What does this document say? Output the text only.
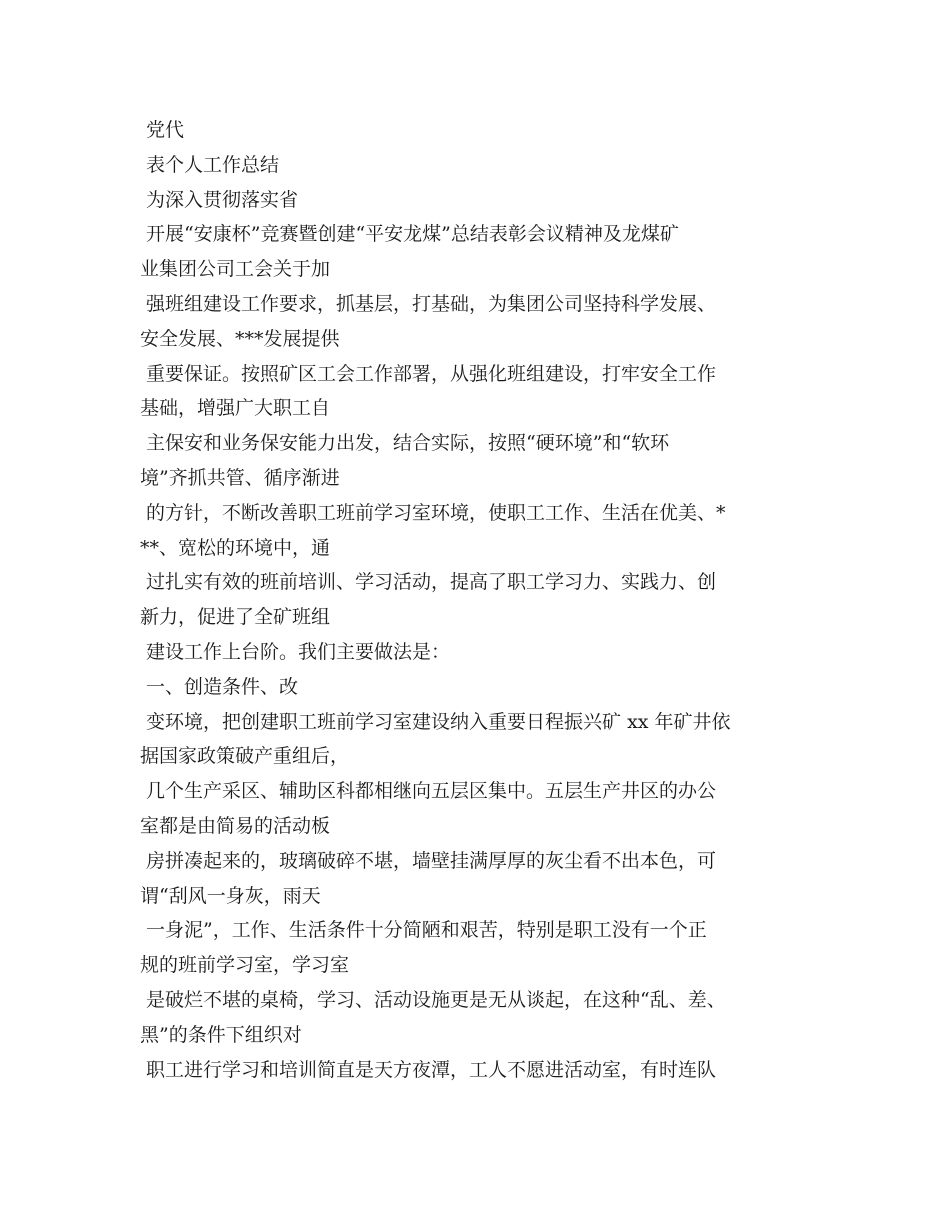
党代
表个人工作总结
为深入贯彻落实省
开展“安康杯”竞赛暨创建“平安龙煤”总结表彰会议精神及龙煤矿
业集团公司工会关于加
强班组建设工作要求，抓基层，打基础，为集团公司坚持科学发展、
安全发展、***发展提供
重要保证。按照矿区工会工作部署，从强化班组建设，打牢安全工作
基础，增强广大职工自
主保安和业务保安能力出发，结合实际，按照“硬环境”和“软环
境”齐抓共管、循序渐进
的方针，不断改善职工班前学习室环境，使职工工作、生活在优美、*
**、宽松的环境中，通
过扎实有效的班前培训、学习活动，提高了职工学习力、实践力、创
新力，促进了全矿班组
建设工作上台阶。我们主要做法是：
一、创造条件、改
变环境，把创建职工班前学习室建设纳入重要日程振兴矿 xx 年矿井依
据国家政策破产重组后，
几个生产采区、辅助区科都相继向五层区集中。五层生产井区的办公
室都是由简易的活动板
房拼凑起来的，玻璃破碎不堪，墙壁挂满厚厚的灰尘看不出本色，可
谓“刮风一身灰，雨天
一身泥”，工作、生活条件十分简陋和艰苦，特别是职工没有一个正
规的班前学习室，学习室
是破烂不堪的桌椅，学习、活动设施更是无从谈起，在这种“乱、差、
黑”的条件下组织对
职工进行学习和培训简直是天方夜潭，工人不愿进活动室，有时连队
